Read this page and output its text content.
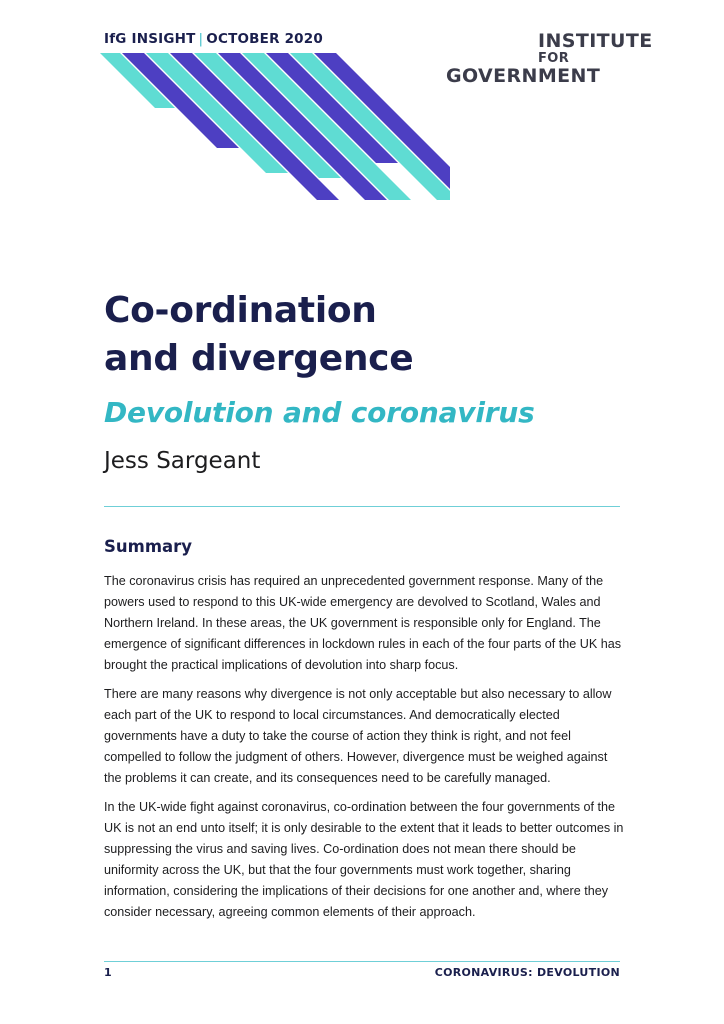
IfG INSIGHT | OCTOBER 2020	INSTITUTE
FOR
GOVERNMENT
Co-ordination
and divergence
Devolution and coronavirus
Jess Sargeant
Summary

The coronavirus crisis has required an unprecedented government response. Many of the powers used to respond to this UK-wide emergency are devolved to Scotland, Wales and Northern Ireland. In these areas, the UK government is responsible only for England. The emergence of significant differences in lockdown rules in each of the four parts of the UK has brought the practical implications of devolution into sharp focus.

There are many reasons why divergence is not only acceptable but also necessary to allow each part of the UK to respond to local circumstances. And democratically elected governments have a duty to take the course of action they think is right, and not feel compelled to follow the judgment of others. However, divergence must be weighed against the problems it can create, and its consequences need to be carefully managed.

In the UK-wide fight against coronavirus, co-ordination between the four governments of the UK is not an end unto itself; it is only desirable to the extent that it leads to better outcomes in suppressing the virus and saving lives. Co-ordination does not mean there should be uniformity across the UK, but that the four governments must work together, sharing information, considering the implications of their decisions for one another and, where they consider necessary, agreeing common elements of their approach.

1	CORONAVIRUS: DEVOLUTION
